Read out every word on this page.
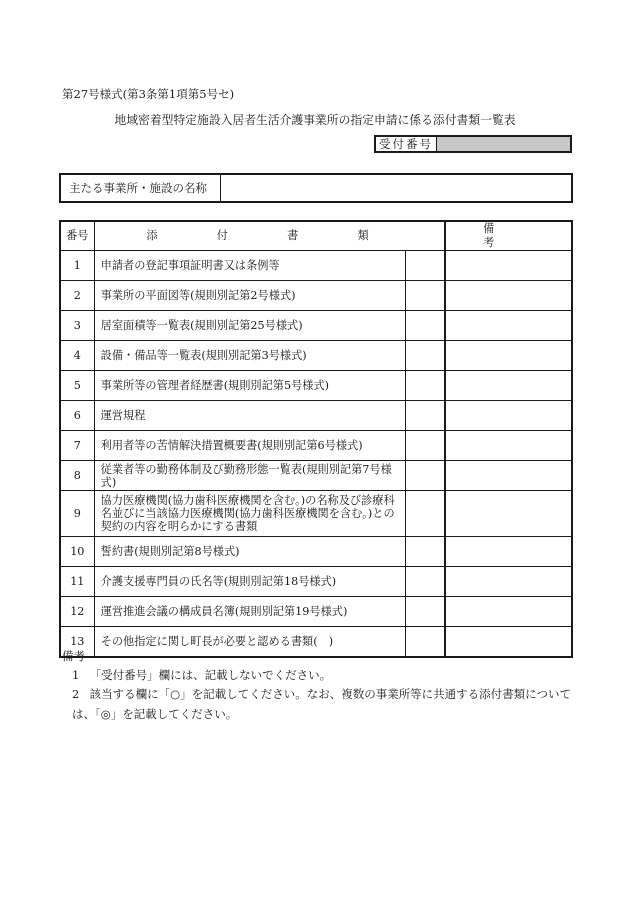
第27号様式(第3条第1項第5号セ)
地域密着型特定施設入居者生活介護事業所の指定申請に係る添付書類一覧表
受付番号
主たる事業所・施設の名称
番号	添　付　書　類		備　考
1	申請者の登記事項証明書又は条例等		
2	事業所の平面図等(規則別記第2号様式)		
3	居室面積等一覧表(規則別記第25号様式)		
4	設備・備品等一覧表(規則別記第3号様式)		
5	事業所等の管理者経歴書(規則別記第5号様式)		
6	運営規程		
7	利用者等の苦情解決措置概要書(規則別記第6号様式)		
8	従業者等の勤務体制及び勤務形態一覧表(規則別記第7号様式)		
9	協力医療機関(協力歯科医療機関を含む。)の名称及び診療科名並びに当該協力医療機関(協力歯科医療機関を含む。)との契約の内容を明らかにする書類		
10	誓約書(規則別記第8号様式)		
11	介護支援専門員の氏名等(規則別記第18号様式)		
12	運営推進会議の構成員名簿(規則別記第19号様式)		
13	その他指定に関し町長が必要と認める書類(　)		
備考
1 「受付番号」欄には、記載しないでください。
2 該当する欄に「○」を記載してください。なお、複数の事業所等に共通する添付書類については、「◎」を記載してください。
